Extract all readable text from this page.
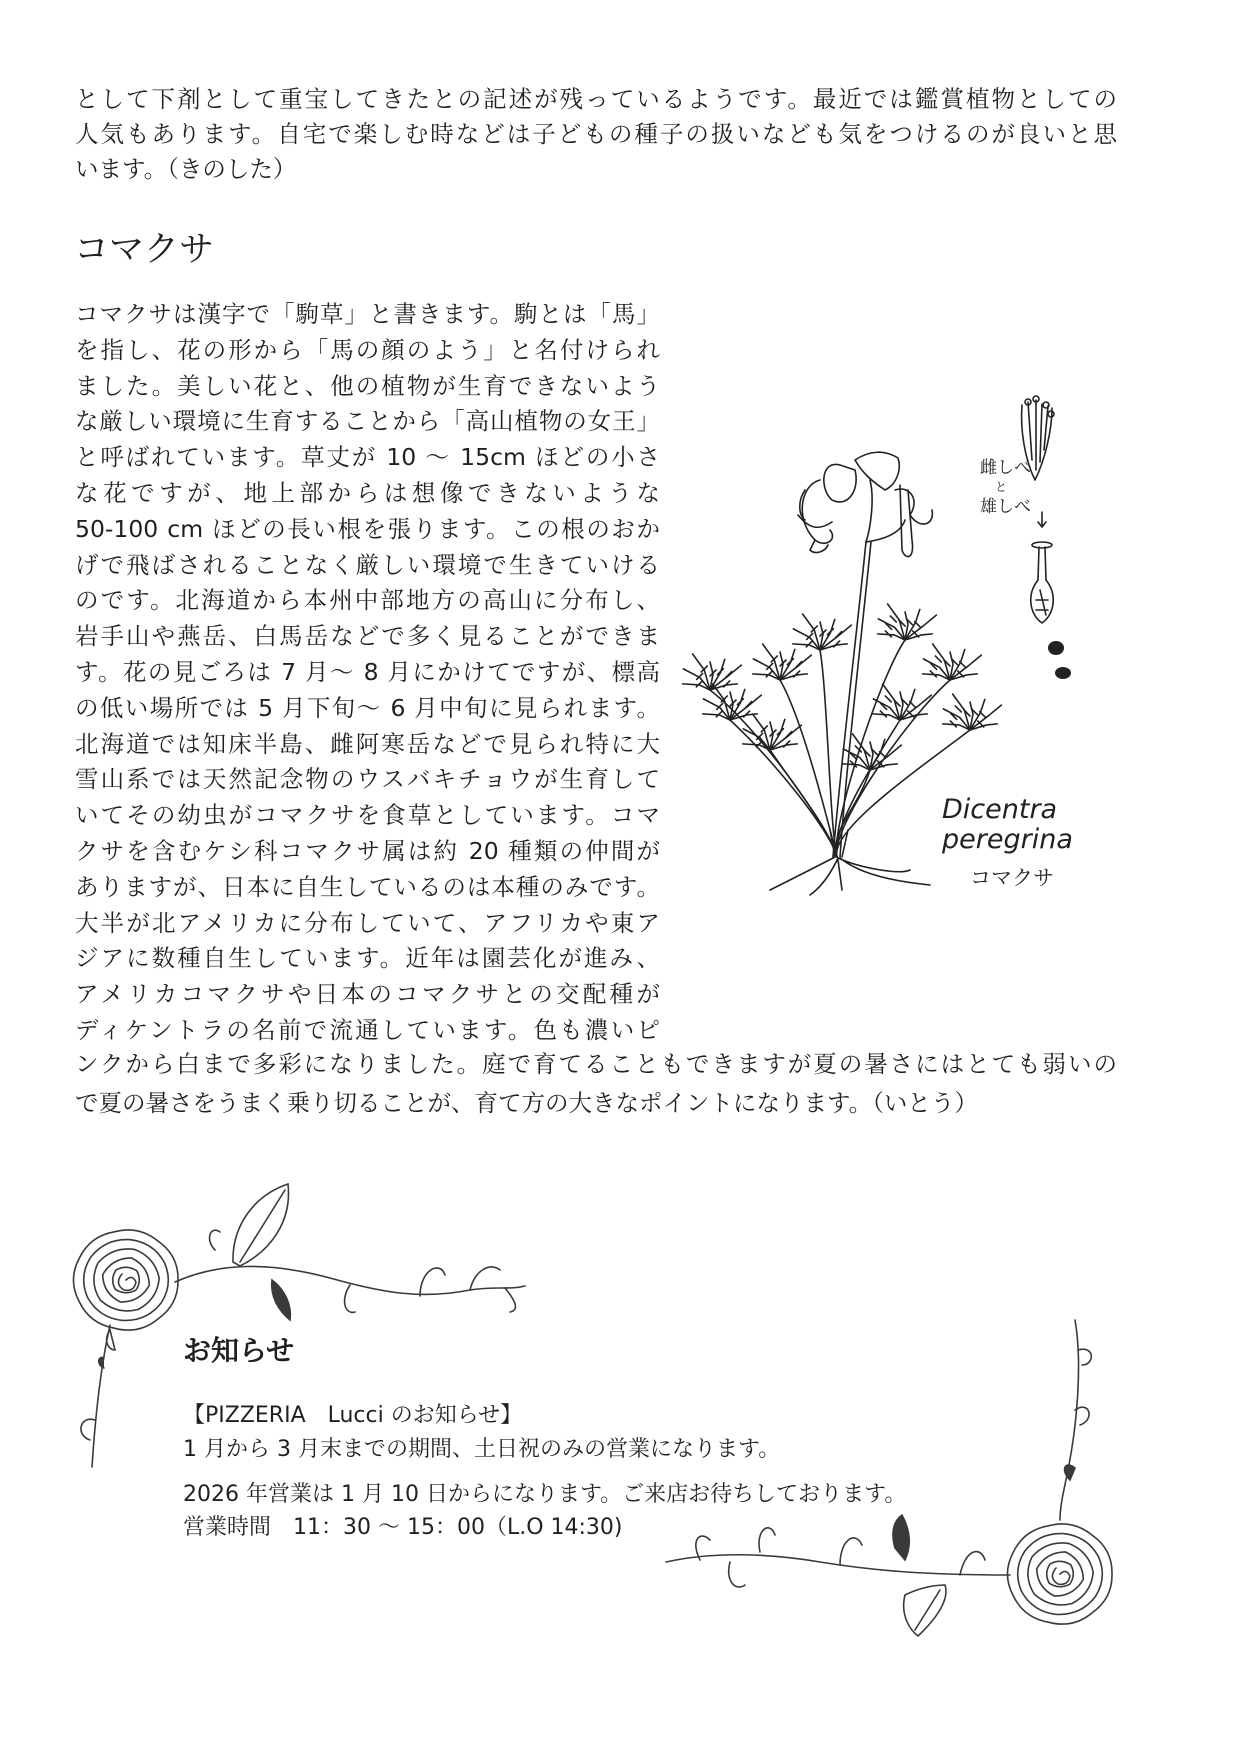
として下剤として重宝してきたとの記述が残っているようです。最近では鑑賞植物としての
人気もあります。自宅で楽しむ時などは子どもの種子の扱いなども気をつけるのが良いと思
います。（きのした）
コマクサ
コマクサは漢字で「駒草」と書きます。駒とは「馬」
を指し、花の形から「馬の顔のよう」と名付けられ
ました。美しい花と、他の植物が生育できないよう
な厳しい環境に生育することから「高山植物の女王」
と呼ばれています。草丈が 10 〜 15cm ほどの小さ
な花ですが、地上部からは想像できないような
50-100 cm ほどの長い根を張ります。この根のおか
げで飛ばされることなく厳しい環境で生きていける
のです。北海道から本州中部地方の高山に分布し、
岩手山や燕岳、白馬岳などで多く見ることができま
す。花の見ごろは 7 月〜 8 月にかけてですが、標高
の低い場所では 5 月下旬〜 6 月中旬に見られます。
北海道では知床半島、雌阿寒岳などで見られ特に大
雪山系では天然記念物のウスバキチョウが生育して
いてその幼虫がコマクサを食草としています。コマ
クサを含むケシ科コマクサ属は約 20 種類の仲間が
ありますが、日本に自生しているのは本種のみです。
大半が北アメリカに分布していて、アフリカや東ア
ジアに数種自生しています。近年は園芸化が進み、
アメリカコマクサや日本のコマクサとの交配種が
ディケントラの名前で流通しています。色も濃いピ
ンクから白まで多彩になりました。庭で育てることもできますが夏の暑さにはとても弱いの
で夏の暑さをうまく乗り切ることが、育て方の大きなポイントになります。（いとう）
雌しべ
と
雄しべ
Dicentra
peregrina
コマクサ
お知らせ
【PIZZERIA　Lucci のお知らせ】
1 月から 3 月末までの期間、土日祝のみの営業になります。
2026 年営業は 1 月 10 日からになります。ご来店お待ちしております。
営業時間　11：30 〜 15：00（L.O 14:30)
